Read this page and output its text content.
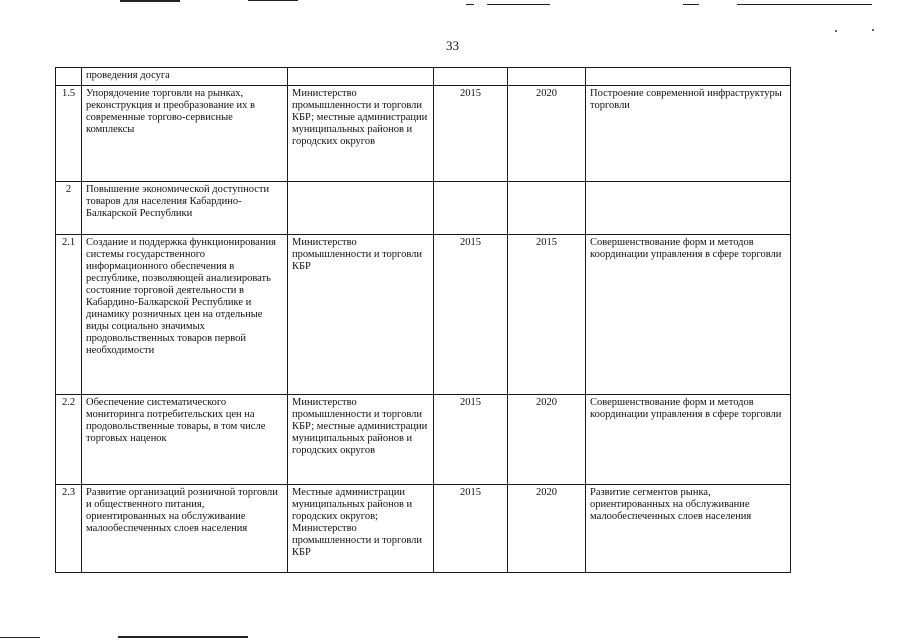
33
	проведения досуга				
1.5	Упорядочение торговли на рынках, реконструкция и преобразование их в современные торгово-сервисные комплексы	Министерство промышленности и торговли КБР; местные администрации муниципальных районов и городских округов	2015	2020	Построение современной инфраструктуры торговли
2	Повышение экономической доступности товаров для населения Кабардино-Балкарской Республики				
2.1	Создание и поддержка функционирования системы государственного информационного обеспечения в республике, позволяющей анализировать состояние торговой деятельности в Кабардино-Балкарской Республике и динамику розничных цен на отдельные виды социально значимых продовольственных товаров первой необходимости	Министерство промышленности и торговли КБР	2015	2015	Совершенствование форм и методов координации управления в сфере торговли
2.2	Обеспечение систематического мониторинга потребительских цен на продовольственные товары, в том числе торговых наценок	Министерство промышленности и торговли КБР; местные администрации муниципальных районов и городских округов	2015	2020	Совершенствование форм и методов координации управления в сфере торговли
2.3	Развитие организаций розничной торговли и общественного питания, ориентированных на обслуживание малообеспеченных слоев населения	Местные администрации муниципальных районов и городских округов; Министерство промышленности и торговли КБР	2015	2020	Развитие сегментов рынка, ориентированных на обслуживание малообеспеченных слоев населения
